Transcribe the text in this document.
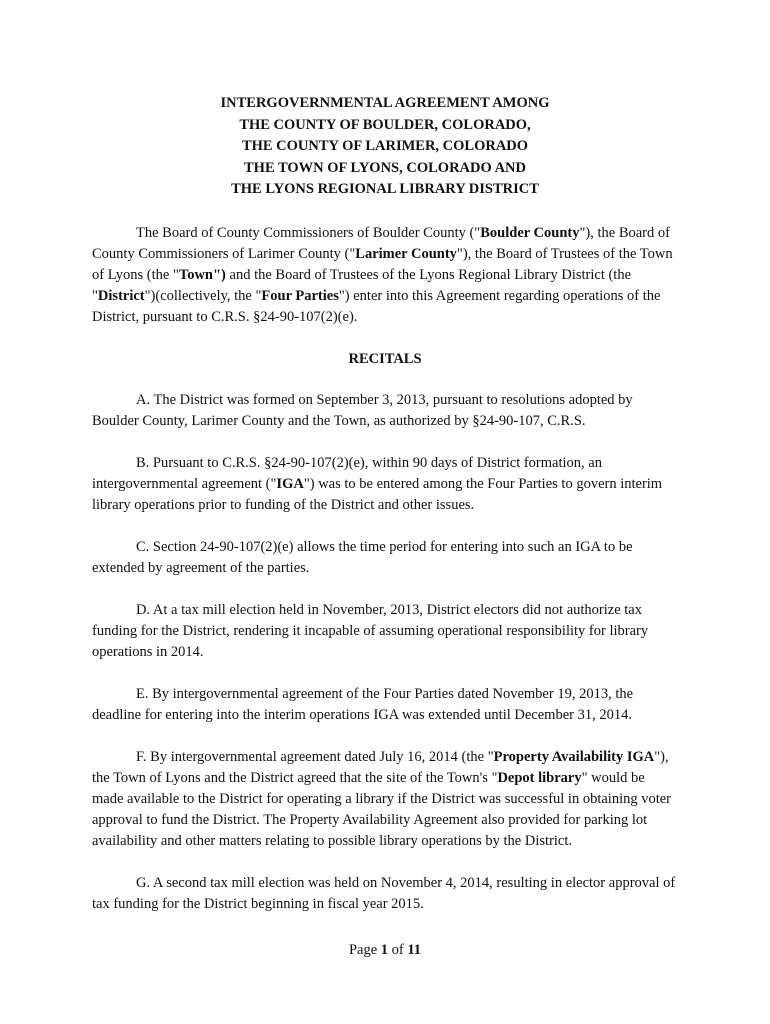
INTERGOVERNMENTAL AGREEMENT AMONG
THE COUNTY OF BOULDER, COLORADO,
THE COUNTY OF LARIMER, COLORADO
THE TOWN OF LYONS, COLORADO AND
THE LYONS REGIONAL LIBRARY DISTRICT

The Board of County Commissioners of Boulder County ("Boulder County"), the Board of County Commissioners of Larimer County ("Larimer County"), the Board of Trustees of the Town of Lyons (the "Town") and the Board of Trustees of the Lyons Regional Library District (the "District")(collectively, the "Four Parties") enter into this Agreement regarding operations of the District, pursuant to C.R.S. §24-90-107(2)(e).

RECITALS

A. The District was formed on September 3, 2013, pursuant to resolutions adopted by Boulder County, Larimer County and the Town, as authorized by §24-90-107, C.R.S.

B. Pursuant to C.R.S. §24-90-107(2)(e), within 90 days of District formation, an intergovernmental agreement ("IGA") was to be entered among the Four Parties to govern interim library operations prior to funding of the District and other issues.

C. Section 24-90-107(2)(e) allows the time period for entering into such an IGA to be extended by agreement of the parties.

D. At a tax mill election held in November, 2013, District electors did not authorize tax funding for the District, rendering it incapable of assuming operational responsibility for library operations in 2014.

E. By intergovernmental agreement of the Four Parties dated November 19, 2013, the deadline for entering into the interim operations IGA was extended until December 31, 2014.

F. By intergovernmental agreement dated July 16, 2014 (the "Property Availability IGA"), the Town of Lyons and the District agreed that the site of the Town's "Depot library" would be made available to the District for operating a library if the District was successful in obtaining voter approval to fund the District. The Property Availability Agreement also provided for parking lot availability and other matters relating to possible library operations by the District.

G. A second tax mill election was held on November 4, 2014, resulting in elector approval of tax funding for the District beginning in fiscal year 2015.

Page 1 of 11
